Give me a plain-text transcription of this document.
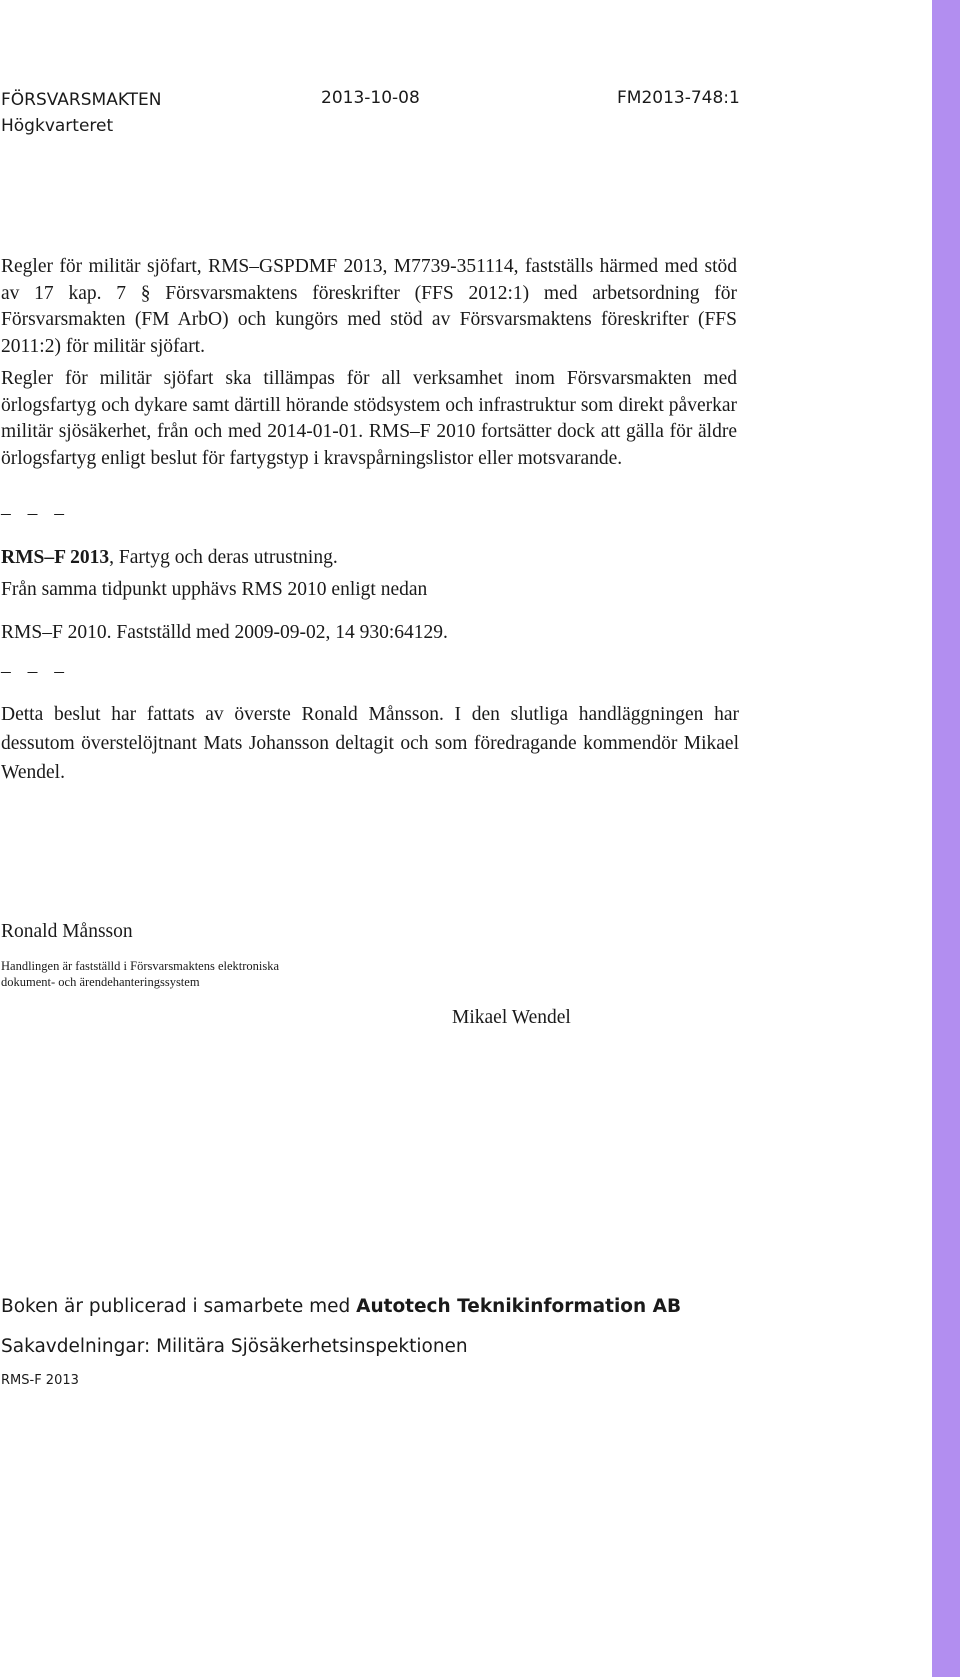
FÖRSVARSMAKTEN
Högkvarteret
2013-10-08	FM2013-748:1
Regler för militär sjöfart, RMS–GSPDMF 2013, M7739-351114, fastställs härmed med stöd av 17 kap. 7 § Försvarsmaktens föreskrifter (FFS 2012:1) med arbetsordning för Försvarsmakten (FM ArbO) och kungörs med stöd av Försvarsmaktens föreskrifter (FFS 2011:2) för militär sjöfart.
Regler för militär sjöfart ska tillämpas för all verksamhet inom Försvarsmakten med örlogsfartyg och dykare samt därtill hörande stödsystem och infrastruktur som direkt påverkar militär sjösäkerhet, från och med 2014-01-01. RMS–F 2010 fortsätter dock att gälla för äldre örlogsfartyg enligt beslut för fartygstyp i kravspårningslistor eller motsvarande.
– – –
RMS–F 2013, Fartyg och deras utrustning.
Från samma tidpunkt upphävs RMS 2010 enligt nedan
RMS–F 2010. Fastställd med 2009-09-02, 14 930:64129.
– – –
Detta beslut har fattats av överste Ronald Månsson. I den slutliga handläggningen har dessutom överstelöjtnant Mats Johansson deltagit och som föredragande kommendör Mikael Wendel.
Ronald Månsson
Handlingen är fastställd i Försvarsmaktens elektroniska
dokument- och ärendehanteringssystem
Mikael Wendel
Boken är publicerad i samarbete med Autotech Teknikinformation AB
Sakavdelningar: Militära Sjösäkerhetsinspektionen
RMS-F 2013
